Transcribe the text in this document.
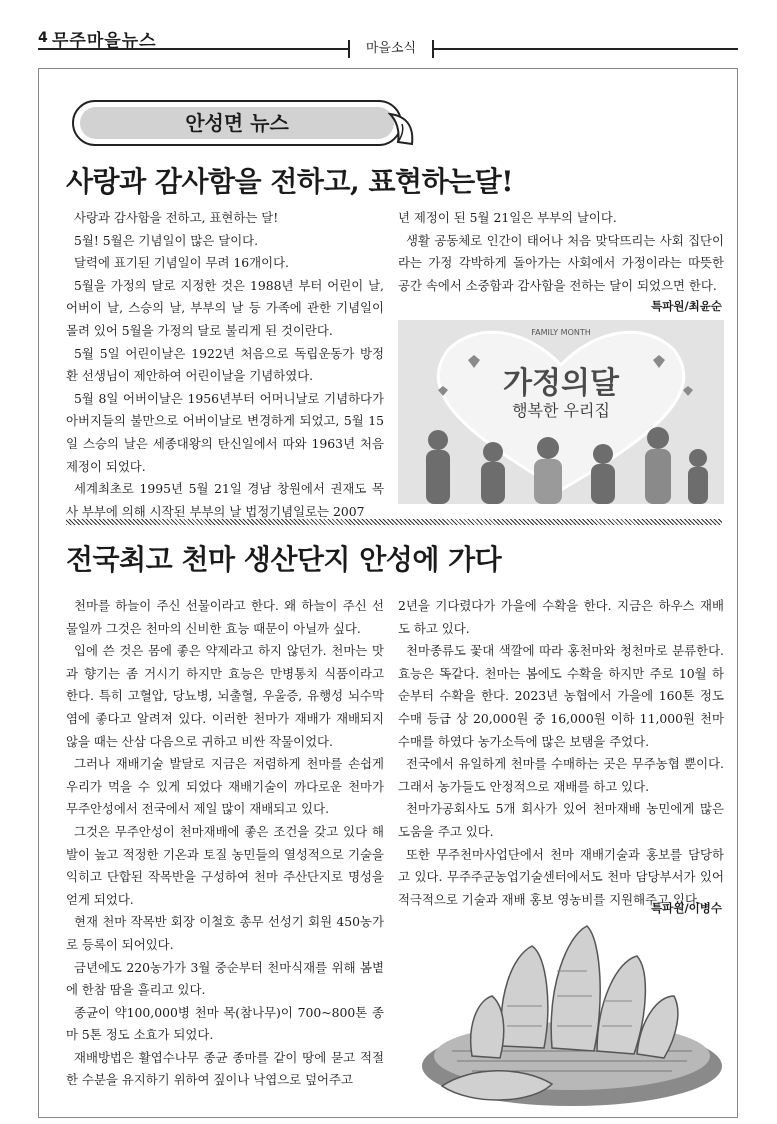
4 무주마을뉴스	마을소식
안성면 뉴스
사랑과 감사함을 전하고, 표현하는달!

사랑과 감사함을 전하고, 표현하는 달!

5월! 5월은 기념일이 많은 달이다.

달력에 표기된 기념일이 무려 16개이다.

5월을 가정의 달로 지정한 것은 1988년 부터 어린이 날, 어버이 날, 스승의 날, 부부의 날 등 가족에 관한 기념일이 몰려 있어 5월을 가정의 달로 불리게 된 것이란다.

5월 5일 어린이날은 1922년 처음으로 독립운동가 방정환 선생님이 제안하여 어린이날을 기념하였다.

5월 8일 어버이날은 1956년부터 어머니날로 기념하다가 아버지들의 불만으로 어버이날로 변경하게 되었고, 5월 15일 스승의 날은 세종대왕의 탄신일에서 따와 1963년 처음 제정이 되었다.

세계최초로 1995년 5월 21일 경남 창원에서 권재도 목사 부부에 의해 시작된 부부의 날 법정기념일로는 2007

년 제정이 된 5월 21일은 부부의 날이다.

생활 공동체로 인간이 태어나 처음 맞닥뜨리는 사회 집단이라는 가정 각박하게 돌아가는 사회에서 가정이라는 따뜻한 공간 속에서 소중함과 감사함을 전하는 달이 되었으면 한다.

특파원/최윤순
FAMILY MONTH
가정의달
행복한 우리집
전국최고 천마 생산단지 안성에 가다

천마를 하늘이 주신 선물이라고 한다. 왜 하늘이 주신 선물일까 그것은 천마의 신비한 효능 때문이 아닐까 싶다.

입에 쓴 것은 몸에 좋은 약제라고 하지 않던가. 천마는 맛과 향기는 좀 거시기 하지만 효능은 만병통치 식품이라고 한다. 특히 고혈압, 당뇨병, 뇌출혈, 우울증, 유행성 뇌수막염에 좋다고 알려져 있다. 이러한 천마가 재배가 재배되지 않을 때는 산삼 다음으로 귀하고 비싼 작물이었다.

그러나 재배기술 발달로 지금은 저렴하게 천마를 손쉽게 우리가 먹을 수 있게 되었다 재배기술이 까다로운 천마가 무주안성에서 전국에서 제일 많이 재배되고 있다.

그것은 무주안성이 천마재배에 좋은 조건을 갖고 있다 해발이 높고 적정한 기온과 토질 농민들의 열성적으로 기술을 익히고 단합된 작목반을 구성하여 천마 주산단지로 명성을 얻게 되었다.

현재 천마 작목반 회장 이철호 총무 선성기 회원 450농가로 등록이 되어있다.

금년에도 220농가가 3월 중순부터 천마식재를 위해 봄볕에 한참 땀을 흘리고 있다.

종균이 약100,000병 천마 목(참나무)이 700~800톤 종마 5톤 정도 소효가 되었다.

재배방법은 활엽수나무 종균 종마를 같이 땅에 묻고 적절한 수분을 유지하기 위하여 짚이나 낙엽으로 덮어주고

2년을 기다렸다가 가을에 수확을 한다. 지금은 하우스 재배도 하고 있다.

천마종류도 꽃대 색깔에 따라 홍천마와 청천마로 분류한다. 효능은 똑같다. 천마는 봄에도 수확을 하지만 주로 10월 하순부터 수확을 한다. 2023년 농협에서 가을에 160톤 정도 수매 등급 상 20,000원 중 16,000원 이하 11,000원 천마수매를 하였다 농가소득에 많은 보탬을 주었다.

전국에서 유일하게 천마를 수매하는 곳은 무주농협 뿐이다. 그래서 농가들도 안정적으로 재배를 하고 있다.

천마가공회사도 5개 회사가 있어 천마재배 농민에게 많은 도움을 주고 있다.

또한 무주천마사업단에서 천마 재배기술과 홍보를 담당하고 있다. 무주주군농업기술센터에서도 천마 담당부서가 있어 적극적으로 기술과 재배 홍보 영농비를 지원해주고 있다.

특파원/이병수
